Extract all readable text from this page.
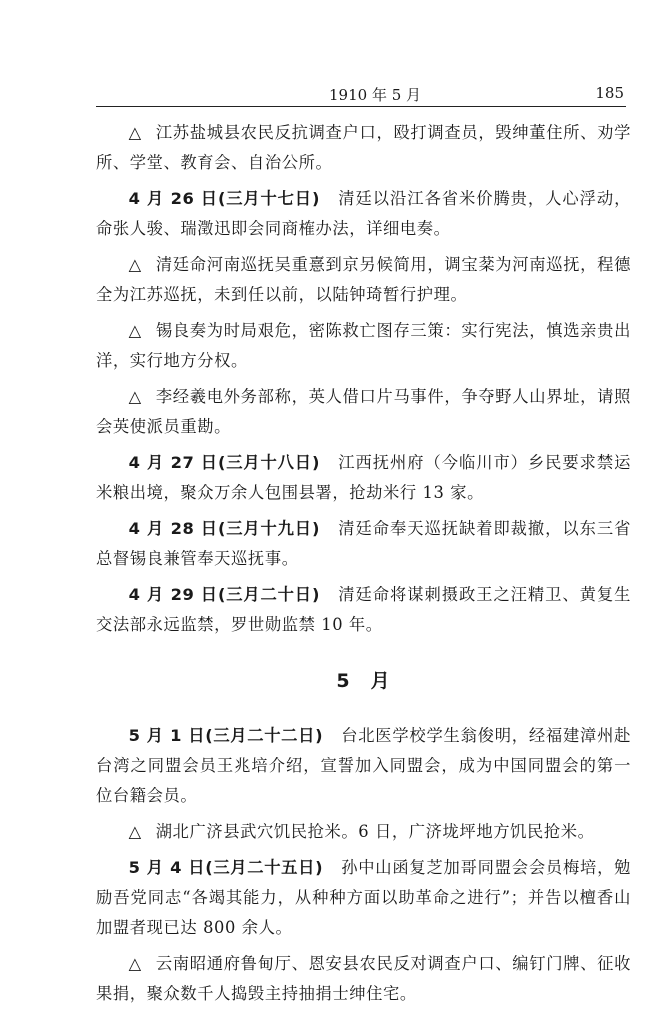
1910 年 5 月	185

△ 江苏盐城县农民反抗调查户口，殴打调查员，毁绅董住所、劝学所、学堂、教育会、自治公所。

4 月 26 日(三月十七日) 清廷以沿江各省米价腾贵，人心浮动，命张人骏、瑞澂迅即会同商榷办法，详细电奏。

△ 清廷命河南巡抚吴重憙到京另候简用，调宝棻为河南巡抚，程德全为江苏巡抚，未到任以前，以陆钟琦暂行护理。

△ 锡良奏为时局艰危，密陈救亡图存三策：实行宪法，慎选亲贵出洋，实行地方分权。

△ 李经羲电外务部称，英人借口片马事件，争夺野人山界址，请照会英使派员重勘。

4 月 27 日(三月十八日) 江西抚州府（今临川市）乡民要求禁运米粮出境，聚众万余人包围县署，抢劫米行 13 家。

4 月 28 日(三月十九日) 清廷命奉天巡抚缺着即裁撤，以东三省总督锡良兼管奉天巡抚事。

4 月 29 日(三月二十日) 清廷命将谋刺摄政王之汪精卫、黄复生交法部永远监禁，罗世勋监禁 10 年。

5　月

5 月 1 日(三月二十二日) 台北医学校学生翁俊明，经福建漳州赴台湾之同盟会员王兆培介绍，宣誓加入同盟会，成为中国同盟会的第一位台籍会员。

△ 湖北广济县武穴饥民抢米。6 日，广济垅坪地方饥民抢米。

5 月 4 日(三月二十五日) 孙中山函复芝加哥同盟会会员梅培，勉励吾党同志“各竭其能力，从种种方面以助革命之进行”；并告以檀香山加盟者现已达 800 余人。

△ 云南昭通府鲁甸厅、恩安县农民反对调查户口、编钉门牌、征收果捐，聚众数千人捣毁主持抽捐士绅住宅。
